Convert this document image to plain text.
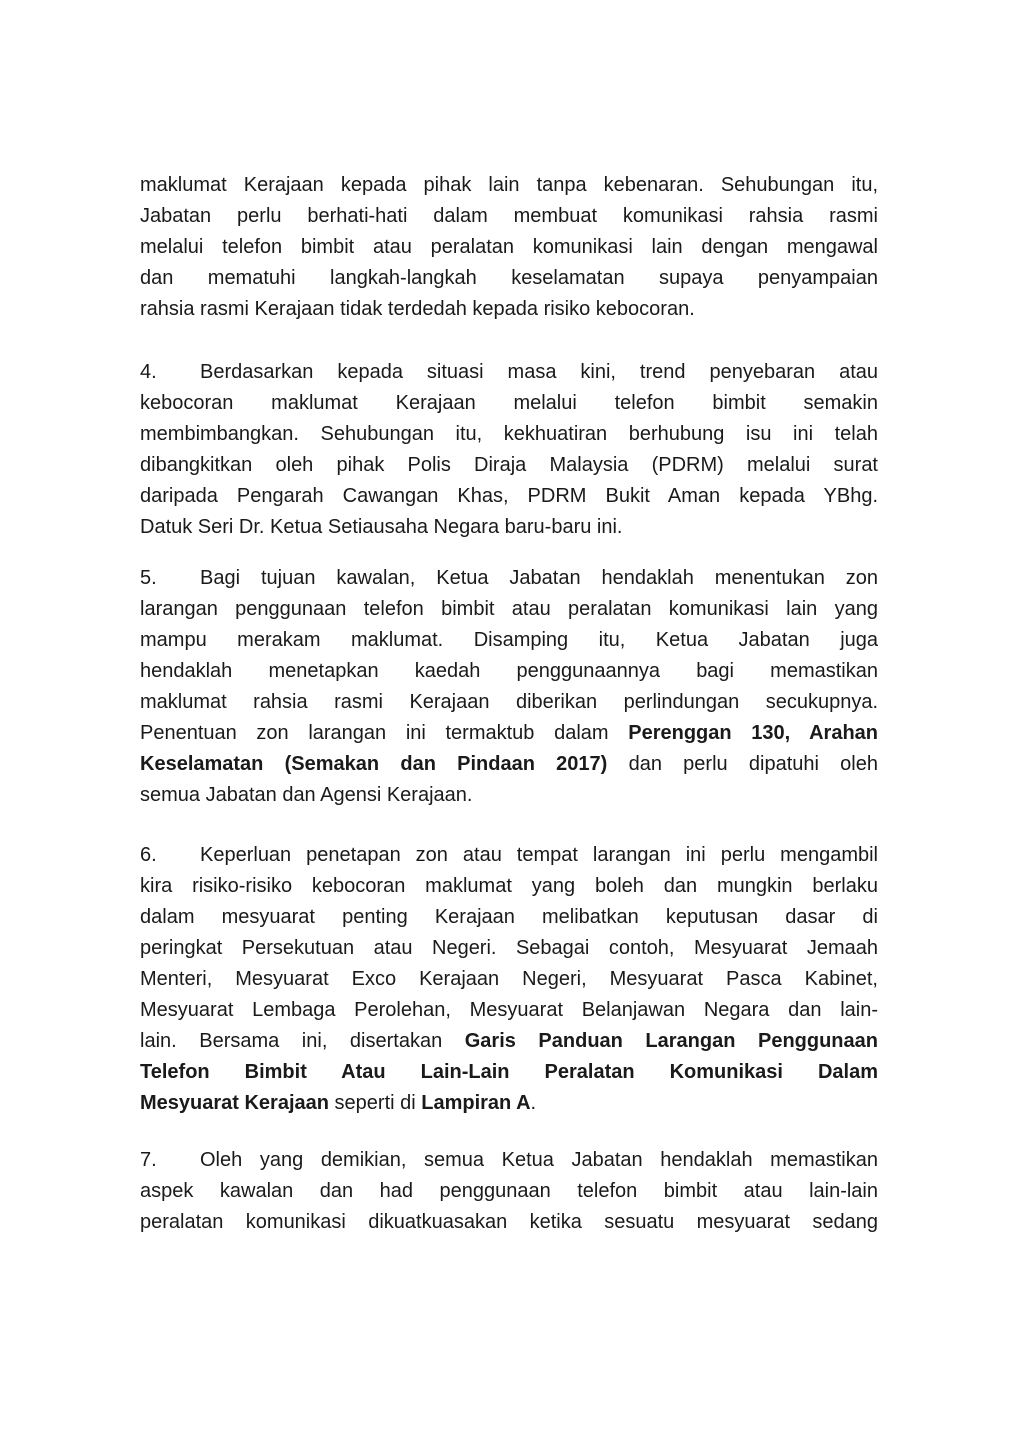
maklumat Kerajaan kepada pihak lain tanpa kebenaran. Sehubungan itu,
Jabatan perlu berhati-hati dalam membuat komunikasi rahsia rasmi
melalui telefon bimbit atau peralatan komunikasi lain dengan mengawal
dan mematuhi langkah-langkah keselamatan supaya penyampaian
rahsia rasmi Kerajaan tidak terdedah kepada risiko kebocoran.
4. Berdasarkan kepada situasi masa kini, trend penyebaran atau
kebocoran maklumat Kerajaan melalui telefon bimbit semakin
membimbangkan. Sehubungan itu, kekhuatiran berhubung isu ini telah
dibangkitkan oleh pihak Polis Diraja Malaysia (PDRM) melalui surat
daripada Pengarah Cawangan Khas, PDRM Bukit Aman kepada YBhg.
Datuk Seri Dr. Ketua Setiausaha Negara baru-baru ini.
5. Bagi tujuan kawalan, Ketua Jabatan hendaklah menentukan zon
larangan penggunaan telefon bimbit atau peralatan komunikasi lain yang
mampu merakam maklumat. Disamping itu, Ketua Jabatan juga
hendaklah menetapkan kaedah penggunaannya bagi memastikan
maklumat rahsia rasmi Kerajaan diberikan perlindungan secukupnya.
Penentuan zon larangan ini termaktub dalam Perenggan 130, Arahan
Keselamatan (Semakan dan Pindaan 2017) dan perlu dipatuhi oleh
semua Jabatan dan Agensi Kerajaan.
6. Keperluan penetapan zon atau tempat larangan ini perlu mengambil
kira risiko-risiko kebocoran maklumat yang boleh dan mungkin berlaku
dalam mesyuarat penting Kerajaan melibatkan keputusan dasar di
peringkat Persekutuan atau Negeri. Sebagai contoh, Mesyuarat Jemaah
Menteri, Mesyuarat Exco Kerajaan Negeri, Mesyuarat Pasca Kabinet,
Mesyuarat Lembaga Perolehan, Mesyuarat Belanjawan Negara dan lain-
lain. Bersama ini, disertakan Garis Panduan Larangan Penggunaan
Telefon Bimbit Atau Lain-Lain Peralatan Komunikasi Dalam
Mesyuarat Kerajaan seperti di Lampiran A.
7. Oleh yang demikian, semua Ketua Jabatan hendaklah memastikan
aspek kawalan dan had penggunaan telefon bimbit atau lain-lain
peralatan komunikasi dikuatkuasakan ketika sesuatu mesyuarat sedang
